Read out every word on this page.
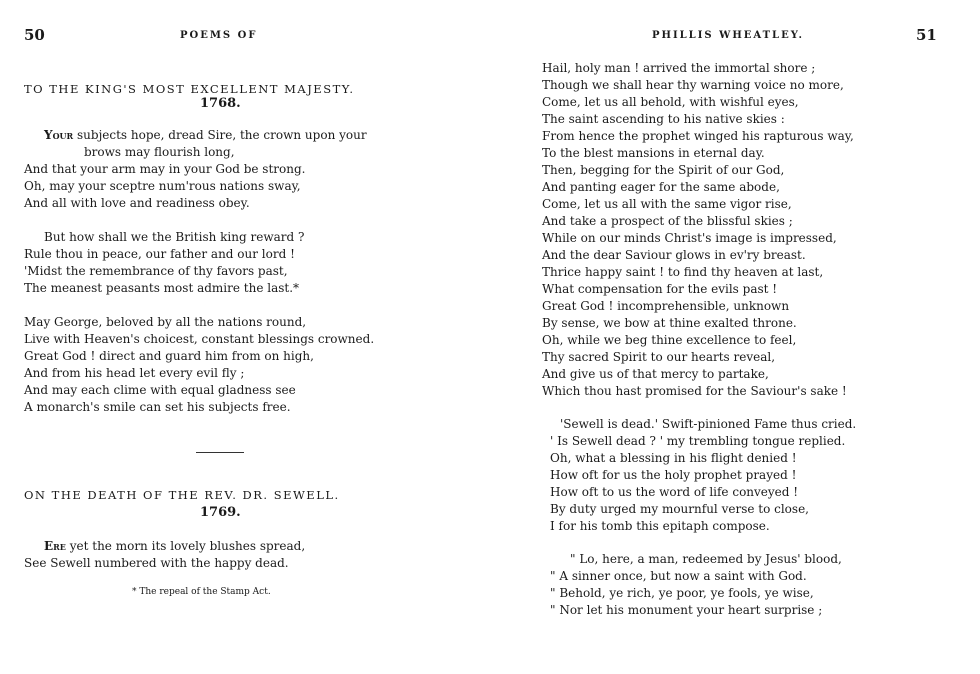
50	POEMS OF
TO THE KING'S MOST EXCELLENT MAJESTY.
1768.
Your subjects hope, dread Sire, the crown upon your
brows may flourish long,
And that your arm may in your God be strong.
Oh, may your sceptre num'rous nations sway,
And all with love and readiness obey.
But how shall we the British king reward ?
Rule thou in peace, our father and our lord !
'Midst the remembrance of thy favors past,
The meanest peasants most admire the last.*
May George, beloved by all the nations round,
Live with Heaven's choicest, constant blessings crowned.
Great God ! direct and guard him from on high,
And from his head let every evil fly ;
And may each clime with equal gladness see
A monarch's smile can set his subjects free.
ON THE DEATH OF THE REV. DR. SEWELL.
1769.
Ere yet the morn its lovely blushes spread,
See Sewell numbered with the happy dead.
* The repeal of the Stamp Act.
PHILLIS WHEATLEY.	51
Hail, holy man ! arrived the immortal shore ;
Though we shall hear thy warning voice no more,
Come, let us all behold, with wishful eyes,
The saint ascending to his native skies :
From hence the prophet winged his rapturous way,
To the blest mansions in eternal day.
Then, begging for the Spirit of our God,
And panting eager for the same abode,
Come, let us all with the same vigor rise,
And take a prospect of the blissful skies ;
While on our minds Christ's image is impressed,
And the dear Saviour glows in ev'ry breast.
Thrice happy saint ! to find thy heaven at last,
What compensation for the evils past !
Great God ! incomprehensible, unknown
By sense, we bow at thine exalted throne.
Oh, while we beg thine excellence to feel,
Thy sacred Spirit to our hearts reveal,
And give us of that mercy to partake,
Which thou hast promised for the Saviour's sake !
'Sewell is dead.' Swift-pinioned Fame thus cried.
' Is Sewell dead ? ' my trembling tongue replied.
Oh, what a blessing in his flight denied !
How oft for us the holy prophet prayed !
How oft to us the word of life conveyed !
By duty urged my mournful verse to close,
I for his tomb this epitaph compose.
" Lo, here, a man, redeemed by Jesus' blood,
" A sinner once, but now a saint with God.
" Behold, ye rich, ye poor, ye fools, ye wise,
" Nor let his monument your heart surprise ;
